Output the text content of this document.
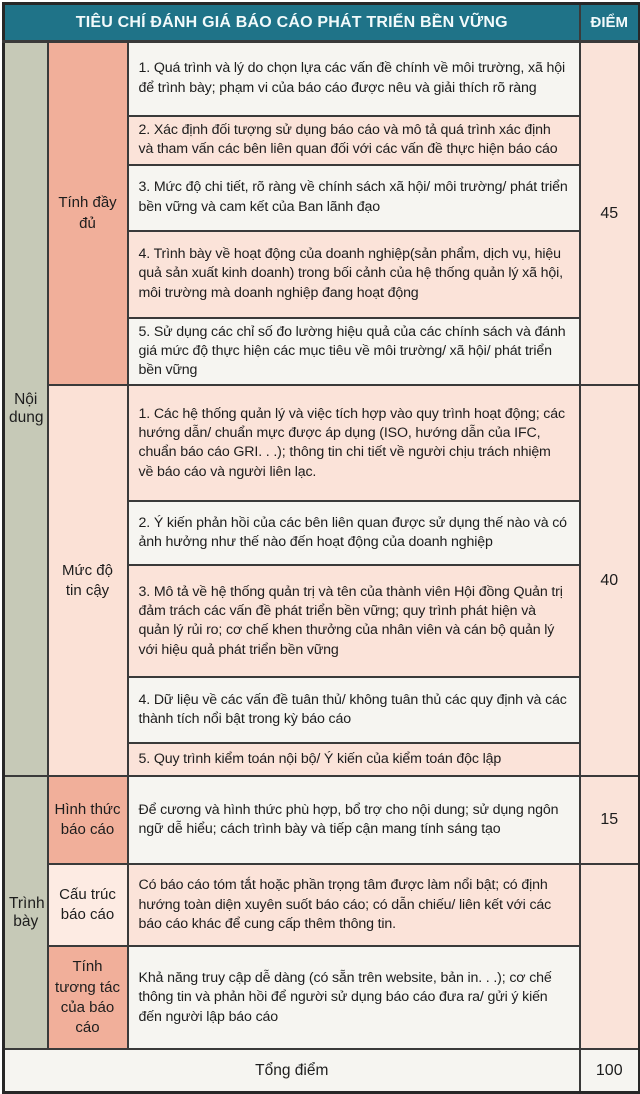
TIÊU CHÍ ĐÁNH GIÁ BÁO CÁO PHÁT TRIỂN BỀN VỮNG			ĐIỂM
Nội dung	Tính đầy đủ	1. Quá trình và lý do chọn lựa các vấn đề chính về môi trường, xã hội để trình bày; phạm vi của báo cáo được nêu và giải thích rõ ràng	45
		2. Xác định đối tượng sử dụng báo cáo và mô tả quá trình xác định và tham vấn các bên liên quan đối với các vấn đề thực hiện báo cáo	
		3. Mức độ chi tiết, rõ ràng về chính sách xã hội/ môi trường/ phát triển bền vững và cam kết của Ban lãnh đạo	
		4. Trình bày về hoạt động của doanh nghiệp(sản phẩm, dịch vụ, hiệu quả sản xuất kinh doanh) trong bối cảnh của hệ thống quản lý xã hội, môi trường mà doanh nghiệp đang hoạt động	
		5. Sử dụng các chỉ số đo lường hiệu quả của các chính sách và đánh giá mức độ thực hiện các mục tiêu về môi trường/ xã hội/ phát triển bền vững	
	Mức độ tin cậy	1. Các hệ thống quản lý và việc tích hợp vào quy trình hoạt động; các hướng dẫn/ chuẩn mực được áp dụng (ISO, hướng dẫn của IFC, chuẩn báo cáo GRI. . .); thông tin chi tiết về người chịu trách nhiệm về báo cáo và người liên lạc.	40
		2. Ý kiến phản hồi của các bên liên quan được sử dụng thế nào và có ảnh hưởng như thế nào đến hoạt động của doanh nghiệp	
		3. Mô tả về hệ thống quản trị và tên của thành viên Hội đồng Quản trị đảm trách các vấn đề phát triển bền vững; quy trình phát hiện và quản lý rủi ro; cơ chế khen thưởng của nhân viên và cán bộ quản lý với hiệu quả phát triển bền vững	
		4. Dữ liệu về các vấn đề tuân thủ/ không tuân thủ các quy định và các thành tích nổi bật trong kỳ báo cáo	
		5. Quy trình kiểm toán nội bộ/ Ý kiến của kiểm toán độc lập	
Trình bày	Hình thức báo cáo	Để cương và hình thức phù hợp, bổ trợ cho nội dung; sử dụng ngôn ngữ dễ hiểu; cách trình bày và tiếp cận mang tính sáng tạo	15
	Cấu trúc báo cáo	Có báo cáo tóm tắt hoặc phần trọng tâm được làm nổi bật; có định hướng toàn diện xuyên suốt báo cáo; có dẫn chiếu/ liên kết với các báo cáo khác để cung cấp thêm thông tin.	
	Tính tương tác của báo cáo	Khả năng truy cập dễ dàng (có sẵn trên website, bản in. . .); cơ chế thông tin và phản hồi để người sử dụng báo cáo đưa ra/ gửi ý kiến đến người lập báo cáo	
Tổng điểm			100
